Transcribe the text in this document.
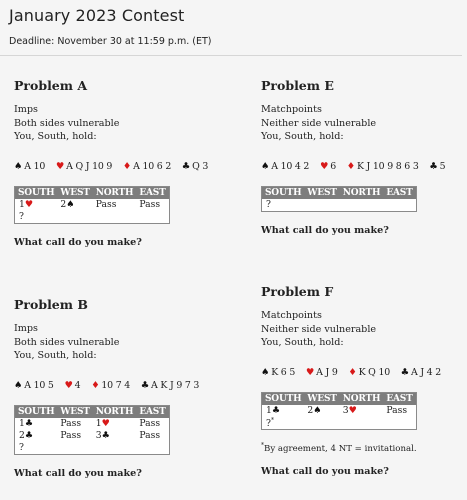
January 2023 Contest
Deadline: November 30 at 11:59 p.m. (ET)
Problem A
Imps
Both sides vulnerable
You, South, hold:
♠ A 10 ♥ A Q J 10 9 ♦ A 10 6 2 ♣ Q 3
SOUTH	WEST	NORTH	EAST
1♥	2♠	Pass	Pass
?			
What call do you make?
Problem E
Matchpoints
Neither side vulnerable
You, South, hold:
♠ A 10 4 2 ♥ 6 ♦ K J 10 9 8 6 3 ♣ 5
SOUTH	WEST	NORTH	EAST
?			
What call do you make?
Problem B
Imps
Both sides vulnerable
You, South, hold:
♠ A 10 5 ♥ 4 ♦ 10 7 4 ♣ A K J 9 7 3
SOUTH	WEST	NORTH	EAST
1♣	Pass	1♥	Pass
2♣	Pass	3♣	Pass
?			
What call do you make?
Problem F
Matchpoints
Neither side vulnerable
You, South, hold:
♠ K 6 5 ♥ A J 9 ♦ K Q 10 ♣ A J 4 2
SOUTH	WEST	NORTH	EAST
1♣	2♠	3♥	Pass
?*			
*By agreement, 4 NT = invitational.
What call do you make?
